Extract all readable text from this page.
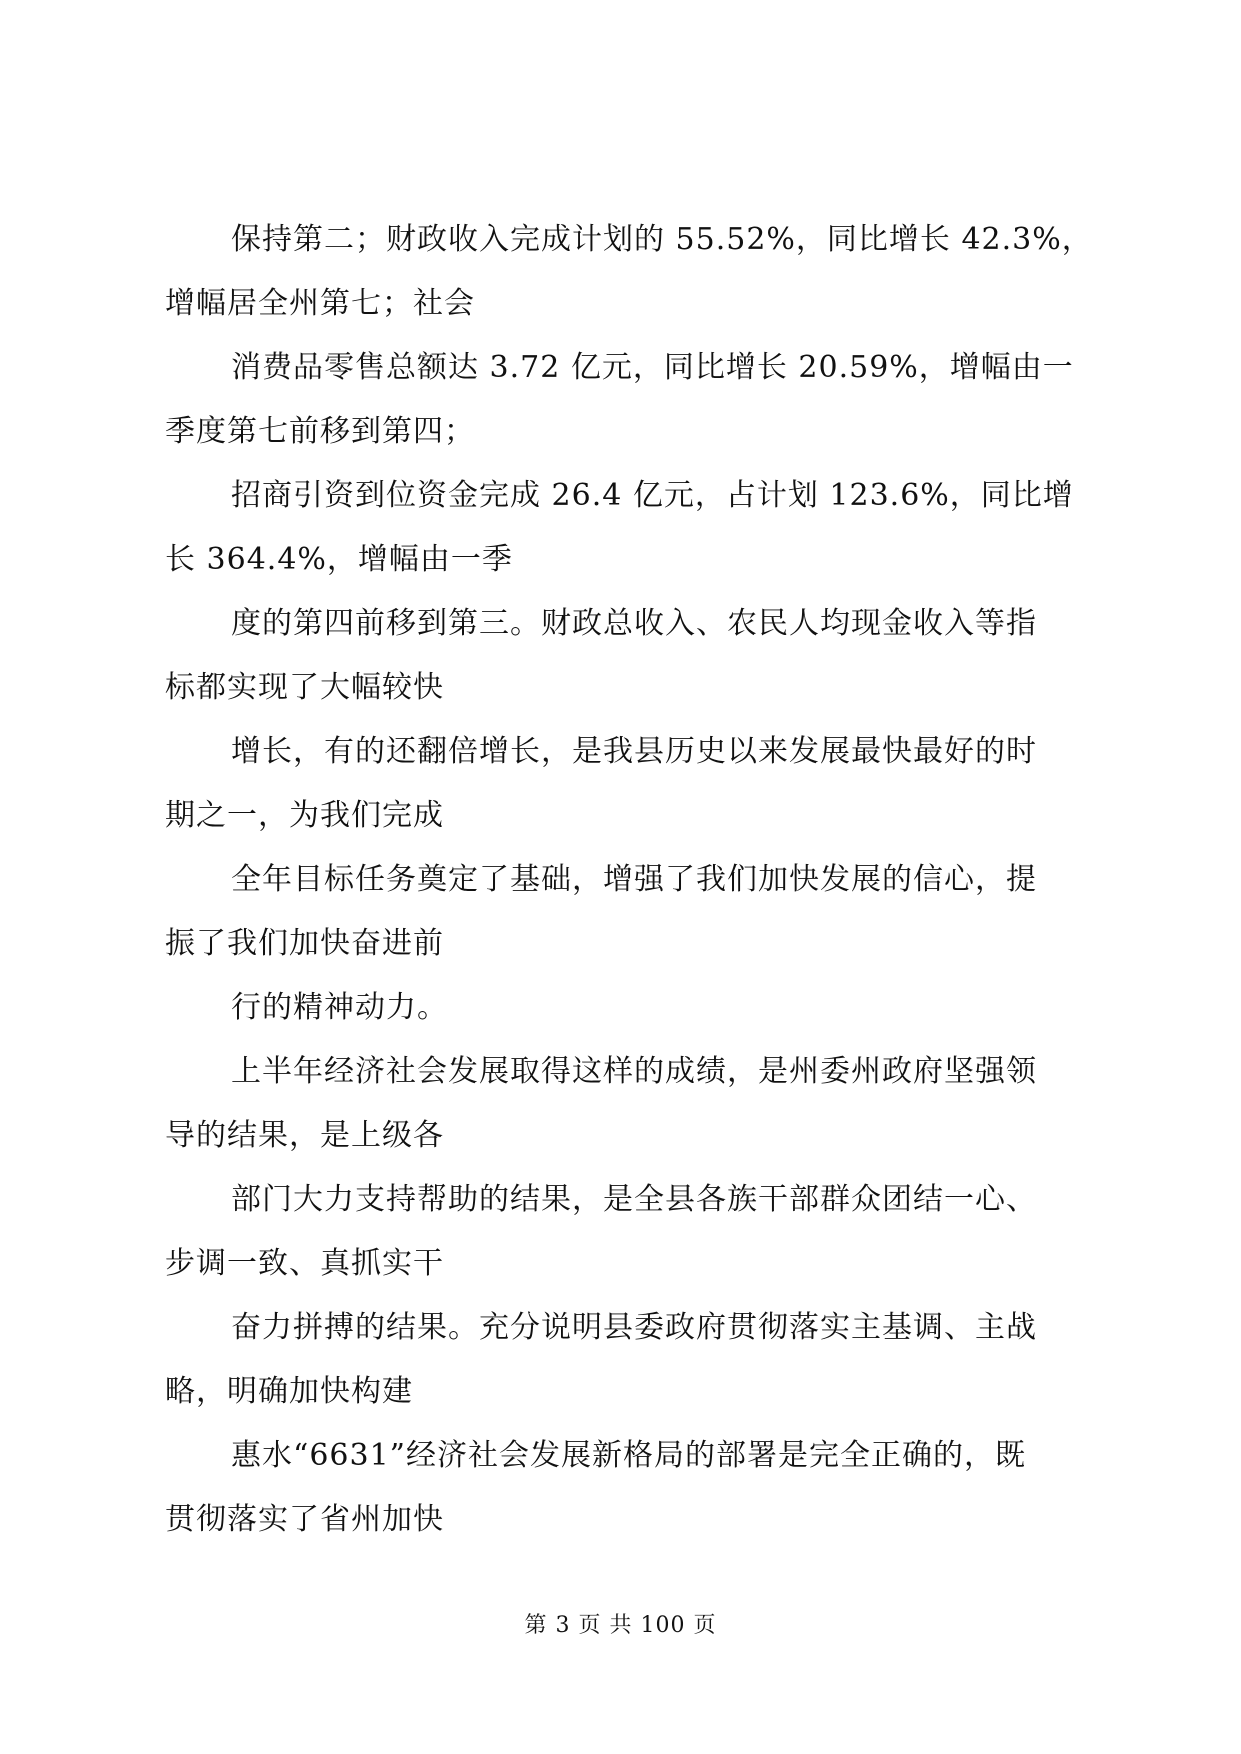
保持第二；财政收入完成计划的 55.52%，同比增长 42.3%，
增幅居全州第七；社会
消费品零售总额达 3.72 亿元，同比增长 20.59%，增幅由一
季度第七前移到第四；
招商引资到位资金完成 26.4 亿元，占计划 123.6%，同比增
长 364.4%，增幅由一季
度的第四前移到第三。财政总收入、农民人均现金收入等指
标都实现了大幅较快
增长，有的还翻倍增长，是我县历史以来发展最快最好的时
期之一，为我们完成
全年目标任务奠定了基础，增强了我们加快发展的信心，提
振了我们加快奋进前
行的精神动力。
上半年经济社会发展取得这样的成绩，是州委州政府坚强领
导的结果，是上级各
部门大力支持帮助的结果，是全县各族干部群众团结一心、
步调一致、真抓实干
奋力拼搏的结果。充分说明县委政府贯彻落实主基调、主战
略，明确加快构建
惠水“6631”经济社会发展新格局的部署是完全正确的，既
贯彻落实了省州加快
第 3 页 共 100 页
